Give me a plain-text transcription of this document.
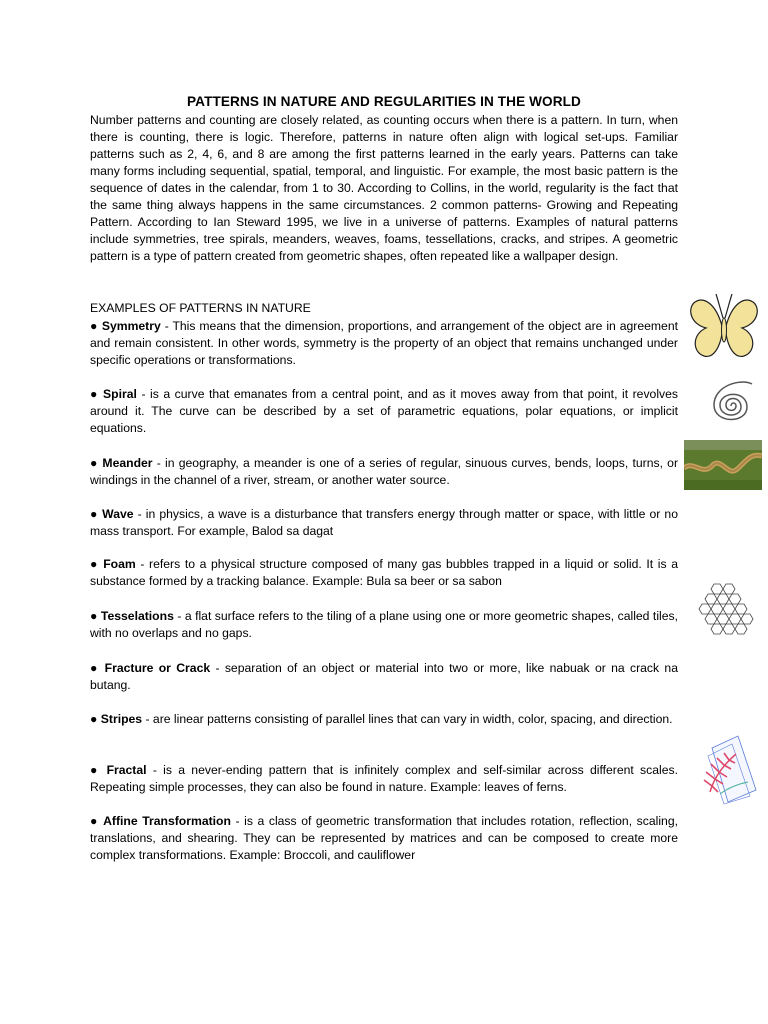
PATTERNS IN NATURE AND REGULARITIES IN THE WORLD

Number patterns and counting are closely related, as counting occurs when there is a pattern. In turn, when there is counting, there is logic. Therefore, patterns in nature often align with logical set-ups. Familiar patterns such as 2, 4, 6, and 8 are among the first patterns learned in the early years. Patterns can take many forms including sequential, spatial, temporal, and linguistic. For example, the most basic pattern is the sequence of dates in the calendar, from 1 to 30. According to Collins, in the world, regularity is the fact that the same thing always happens in the same circumstances. 2 common patterns- Growing and Repeating Pattern. According to Ian Steward 1995, we live in a universe of patterns. Examples of natural patterns include symmetries, tree spirals, meanders, weaves, foams, tessellations, cracks, and stripes. A geometric pattern is a type of pattern created from geometric shapes, often repeated like a wallpaper design.

EXAMPLES OF PATTERNS IN NATURE

● Symmetry - This means that the dimension, proportions, and arrangement of the object are in agreement and remain consistent. In other words, symmetry is the property of an object that remains unchanged under specific operations or transformations.

● Spiral - is a curve that emanates from a central point, and as it moves away from that point, it revolves around it. The curve can be described by a set of parametric equations, polar equations, or implicit equations.

● Meander - in geography, a meander is one of a series of regular, sinuous curves, bends, loops, turns, or windings in the channel of a river, stream, or another water source.

● Wave - in physics, a wave is a disturbance that transfers energy through matter or space, with little or no mass transport. For example, Balod sa dagat

● Foam - refers to a physical structure composed of many gas bubbles trapped in a liquid or solid. It is a substance formed by a tracking balance. Example: Bula sa beer or sa sabon

● Tesselations - a flat surface refers to the tiling of a plane using one or more geometric shapes, called tiles, with no overlaps and no gaps.

● Fracture or Crack - separation of an object or material into two or more, like nabuak or na crack na butang.

● Stripes - are linear patterns consisting of parallel lines that can vary in width, color, spacing, and direction.

● Fractal - is a never-ending pattern that is infinitely complex and self-similar across different scales. Repeating simple processes, they can also be found in nature. Example: leaves of ferns.

● Affine Transformation - is a class of geometric transformation that includes rotation, reflection, scaling, translations, and shearing. They can be represented by matrices and can be composed to create more complex transformations. Example: Broccoli, and cauliflower
